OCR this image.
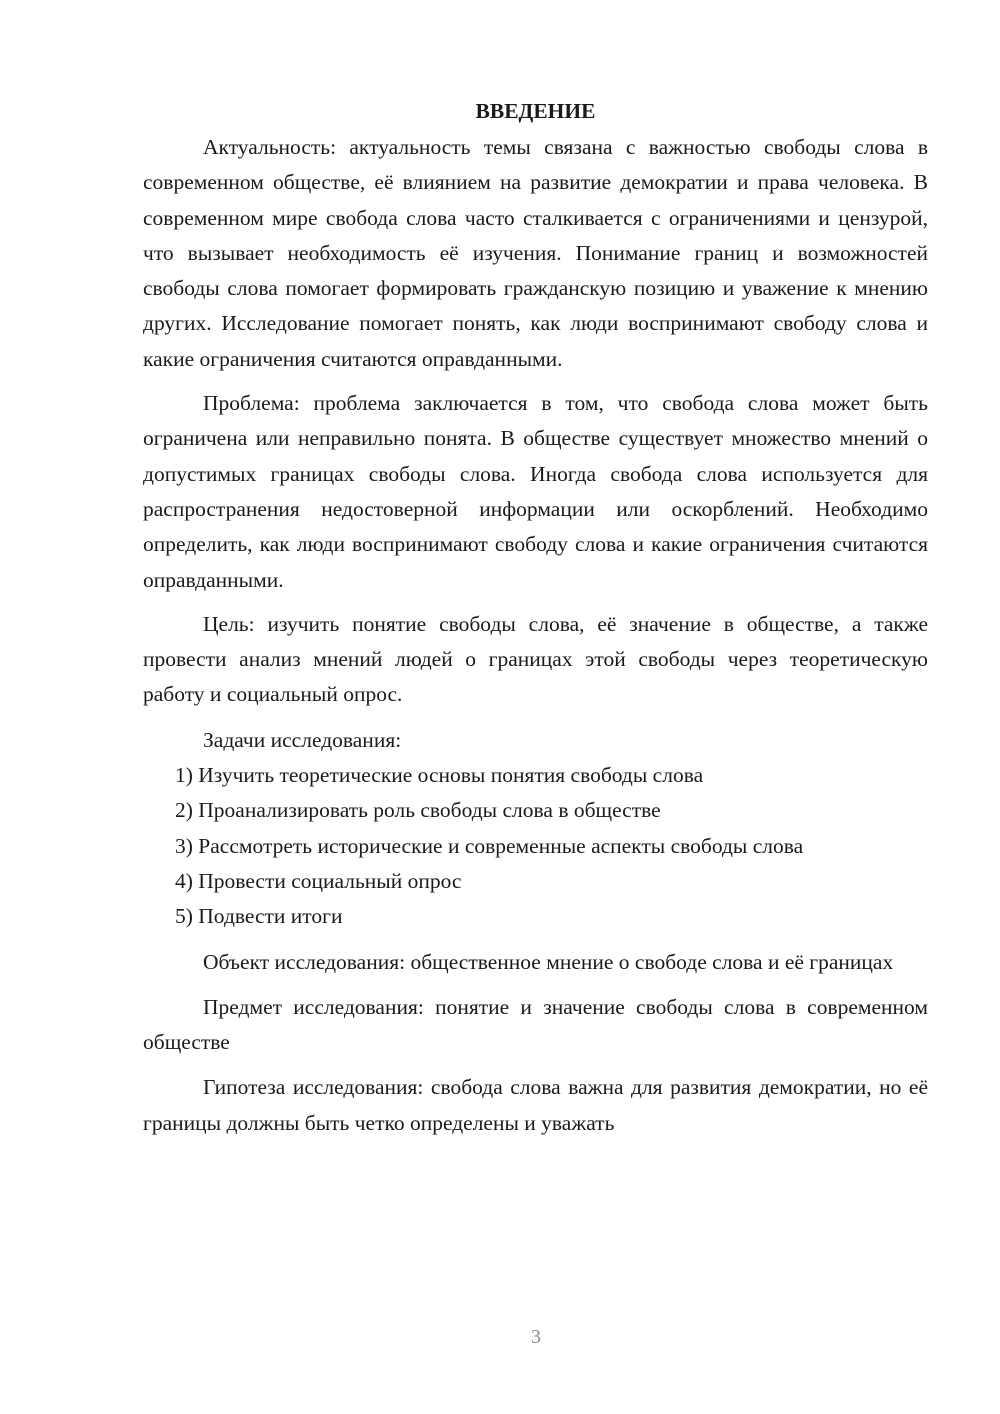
ВВЕДЕНИЕ

Актуальность: актуальность темы связана с важностью свободы слова в современном обществе, её влиянием на развитие демократии и права человека. В современном мире свобода слова часто сталкивается с ограничениями и цензурой, что вызывает необходимость её изучения. Понимание границ и возможностей свободы слова помогает формировать гражданскую позицию и уважение к мнению других. Исследование помогает понять, как люди воспринимают свободу слова и какие ограничения считаются оправданными.

Проблема: проблема заключается в том, что свобода слова может быть ограничена или неправильно понята. В обществе существует множество мнений о допустимых границах свободы слова. Иногда свобода слова используется для распространения недостоверной информации или оскорблений. Необходимо определить, как люди воспринимают свободу слова и какие ограничения считаются оправданными.

Цель: изучить понятие свободы слова, её значение в обществе, а также провести анализ мнений людей о границах этой свободы через теоретическую работу и социальный опрос.

Задачи исследования:

1) Изучить теоретические основы понятия свободы слова

2) Проанализировать роль свободы слова в обществе

3) Рассмотреть исторические и современные аспекты свободы слова

4) Провести социальный опрос

5) Подвести итоги

Объект исследования: общественное мнение о свободе слова и её границах

Предмет исследования: понятие и значение свободы слова в современном обществе

Гипотеза исследования: свобода слова важна для развития демократии, но её границы должны быть четко определены и уважать

3
